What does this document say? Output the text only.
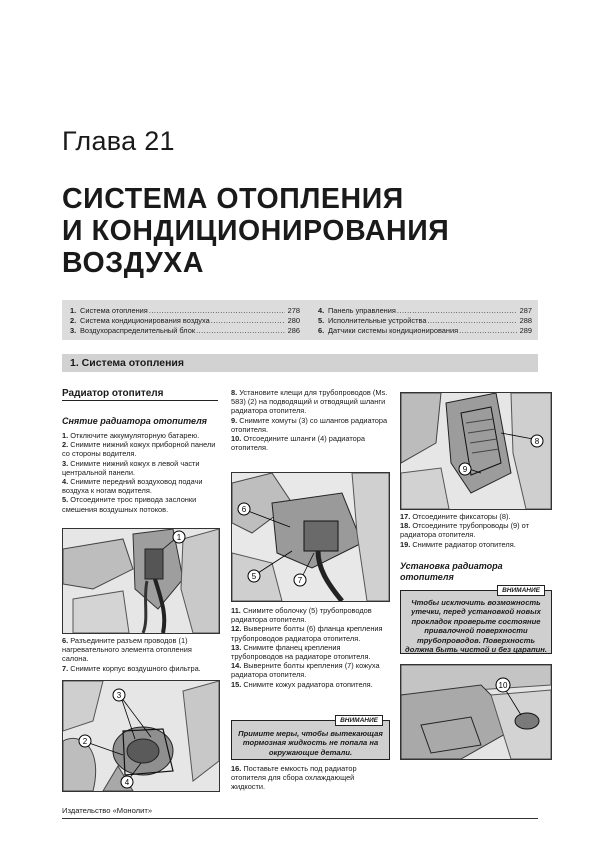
Глава 21
СИСТЕМА ОТОПЛЕНИЯ
И КОНДИЦИОНИРОВАНИЯ
ВОЗДУХА
1. Система отопления .....	278
2. Система кондиционирования воздуха .....	280
3. Воздухораспределительный блок .....	286
4. Панель управления .....	287
5. Исполнительные устройства .....	288
6. Датчики системы кондиционирования .....	289
1. Система отопления
Радиатор отопителя
Снятие радиатора отопителя

1. Отключите аккумуляторную батарею.

2. Снимите нижний кожух приборной панели со стороны водителя.

3. Снимите нижний кожух в левой части центральной панели.

4. Снимите передний воздуховод подачи воздуха к ногам водителя.

5. Отсоедините трос привода заслонки смешения воздушных потоков.

1

6. Разъедините разъем проводов (1) нагревательного элемента отопления салона.

7. Снимите корпус воздушного фильтра.

3
2
4

8. Установите клещи для трубопроводов (Ms. 583) (2) на подводящий и отводящий шланги радиатора отопителя.

9. Снимите хомуты (3) со шлангов радиатора отопителя.

10. Отсоедините шланги (4) радиатора отопителя.

6
5	7

11. Снимите оболочку (5) трубопроводов радиатора отопителя.

12. Выверните болты (6) фланца крепления трубопроводов радиатора отопителя.

13. Снимите фланец крепления трубопроводов на радиаторе отопителя.

14. Выверните болты крепления (7) кожуха радиатора отопителя.

15. Снимите кожух радиатора отопителя.

ВНИМАНИЕ
Примите меры, чтобы вытекающая тормозная жидкость не попала на окружающие детали.

16. Поставьте емкость под радиатор отопителя для сбора охлаждающей жидкости.

8
9

17. Отсоедините фиксаторы (8).

18. Отсоедините трубопроводы (9) от радиатора отопителя.

19. Снимите радиатор отопителя.

Установка радиатора отопителя
ВНИМАНИЕ
Чтобы исключить возможность утечки, перед установкой новых прокладок проверьте состояние привалочной поверхности трубопроводов. Поверхность должна быть чистой и без царапин.
10
Издательство «Монолит»
